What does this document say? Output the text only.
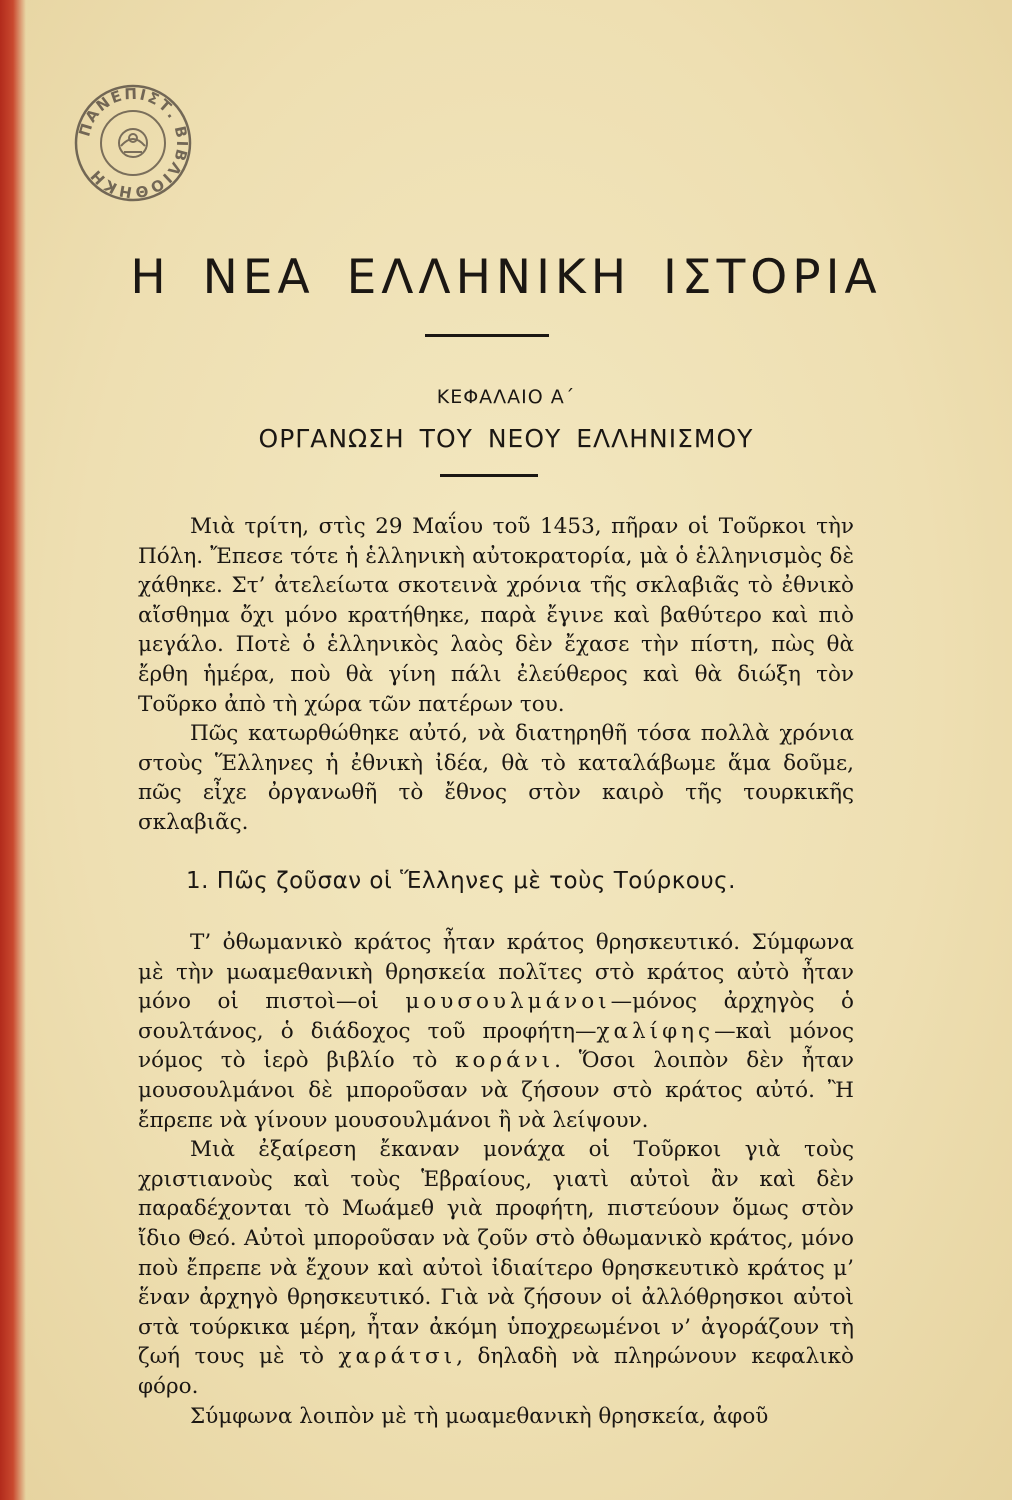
ΠΑΝΕΠΙΣΤ. ΒΙΒΛΙΟΘΗΚΗ
Η ΝΕΑ ΕΛΛΗΝΙΚΗ ΙΣΤΟΡΙΑ
ΚΕΦΑΛΑΙΟ Α΄
ΟΡΓΑΝΩΣΗ ΤΟΥ ΝΕΟΥ ΕΛΛΗΝΙΣΜΟΥ

Μιὰ τρίτη, στὶς 29 Μαΐου τοῦ 1453, πῆραν οἱ Τοῦρκοι τὴν Πόλη. Ἔπεσε τότε ἡ ἑλληνικὴ αὐτοκρατορία, μὰ ὁ ἑλληνισμὸς δὲ χάθηκε. Στ’ ἀτελείωτα σκοτεινὰ χρόνια τῆς σκλαβιᾶς τὸ ἐθνικὸ αἴσθημα ὄχι μόνο κρατήθηκε, παρὰ ἔγινε καὶ βαθύτερο καὶ πιὸ μεγάλο. Ποτὲ ὁ ἑλληνικὸς λαὸς δὲν ἔχασε τὴν πίστη, πὼς θὰ ἔρθη ἡμέρα, ποὺ θὰ γίνη πάλι ἐλεύθερος καὶ θὰ διώξη τὸν Τοῦρκο ἀπὸ τὴ χώρα τῶν πατέρων του.

Πῶς κατωρθώθηκε αὐτό, νὰ διατηρηθῆ τόσα πολλὰ χρόνια στοὺς Ἕλληνες ἡ ἐθνικὴ ἰδέα, θὰ τὸ καταλάβωμε ἅμα δοῦμε, πῶς εἶχε ὀργανωθῆ τὸ ἔθνος στὸν καιρὸ τῆς τουρκικῆς σκλαβιᾶς.

1. Πῶς ζοῦσαν οἱ Ἕλληνες μὲ τοὺς Τούρκους.

Τ’ ὀθωμανικὸ κράτος ἦταν κράτος θρησκευτικό. Σύμφωνα μὲ τὴν μωαμεθανικὴ θρησκεία πολῖτες στὸ κράτος αὐτὸ ἦταν μόνο οἱ πιστοὶ—οἱ μουσουλμάνοι—μόνος ἀρχηγὸς ὁ σουλτάνος, ὁ διάδοχος τοῦ προφήτη—χαλίφης—καὶ μόνος νόμος τὸ ἱερὸ βιβλίο τὸ κοράνι. Ὅσοι λοιπὸν δὲν ἦταν μουσουλμάνοι δὲ μποροῦσαν νὰ ζήσουν στὸ κράτος αὐτό. Ἢ ἔπρεπε νὰ γίνουν μουσουλμάνοι ἢ νὰ λείψουν.

Μιὰ ἐξαίρεση ἔκαναν μονάχα οἱ Τοῦρκοι γιὰ τοὺς χριστιανοὺς καὶ τοὺς Ἑβραίους, γιατὶ αὐτοὶ ἂν καὶ δὲν παραδέχονται τὸ Μωάμεθ γιὰ προφήτη, πιστεύουν ὅμως στὸν ἴδιο Θεό. Αὐτοὶ μποροῦσαν νὰ ζοῦν στὸ ὀθωμανικὸ κράτος, μόνο ποὺ ἔπρεπε νὰ ἔχουν καὶ αὐτοὶ ἰδιαίτερο θρησκευτικὸ κράτος μ’ ἕναν ἀρχηγὸ θρησκευτικό. Γιὰ νὰ ζήσουν οἱ ἀλλόθρησκοι αὐτοὶ στὰ τούρκικα μέρη, ἦταν ἀκόμη ὑποχρεωμένοι ν’ ἀγοράζουν τὴ ζωή τους μὲ τὸ χαράτσι, δηλαδὴ νὰ πληρώνουν κεφαλικὸ φόρο.

Σύμφωνα λοιπὸν μὲ τὴ μωαμεθανικὴ θρησκεία, ἀφοῦ
